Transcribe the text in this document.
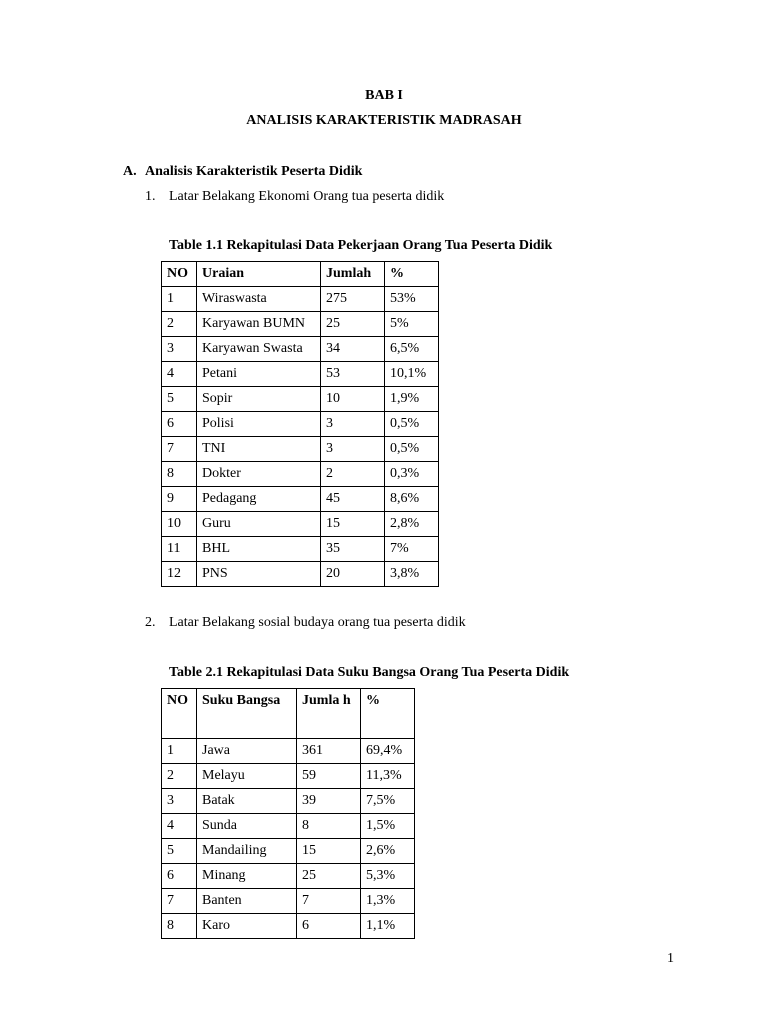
BAB I
ANALISIS KARAKTERISTIK MADRASAH
A. Analisis Karakteristik Peserta Didik
1. Latar Belakang Ekonomi Orang tua peserta didik
Table 1.1 Rekapitulasi Data Pekerjaan Orang Tua Peserta Didik
NO	Uraian	Jumlah	%
1	Wiraswasta	275	53%
2	Karyawan BUMN	25	5%
3	Karyawan Swasta	34	6,5%
4	Petani	53	10,1%
5	Sopir	10	1,9%
6	Polisi	3	0,5%
7	TNI	3	0,5%
8	Dokter	2	0,3%
9	Pedagang	45	8,6%
10	Guru	15	2,8%
11	BHL	35	7%
12	PNS	20	3,8%
2. Latar Belakang sosial budaya orang tua peserta didik
Table 2.1 Rekapitulasi Data Suku Bangsa Orang Tua Peserta Didik
NO	Suku Bangsa	Jumla h	%
1	Jawa	361	69,4%
2	Melayu	59	11,3%
3	Batak	39	7,5%
4	Sunda	8	1,5%
5	Mandailing	15	2,6%
6	Minang	25	5,3%
7	Banten	7	1,3%
8	Karo	6	1,1%
1
